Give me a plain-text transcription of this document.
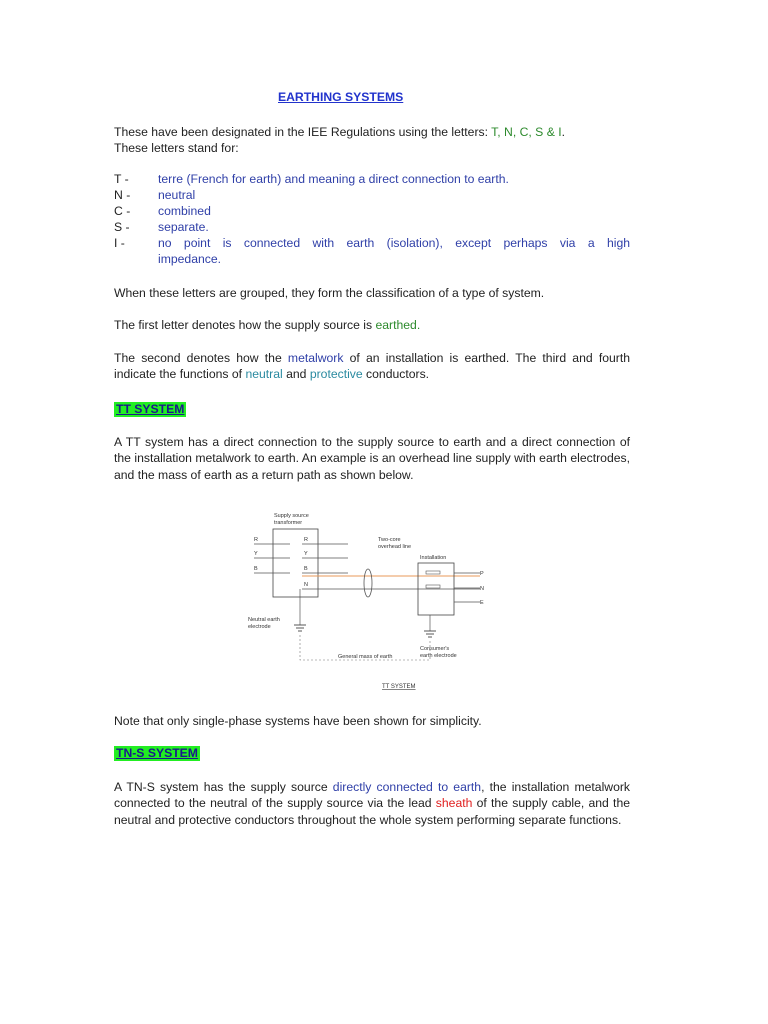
EARTHING SYSTEMS

These have been designated in the IEE Regulations using the letters: T, N, C, S & I.

These letters stand for:

T - terre (French for earth) and meaning a direct connection to earth.
N - neutral
C - combined
S - separate.
I -	no point is connected with earth (isolation), except perhaps via a high
impedance.

When these letters are grouped, they form the classification of a type of system.

The first letter denotes how the supply source is earthed.

The second denotes how the metalwork of an installation is earthed. The third and fourth indicate the functions of neutral and protective conductors.

TT SYSTEM

A TT system has a direct connection to the supply source to earth and a direct connection of the installation metalwork to earth. An example is an overhead line supply with earth electrodes, and the mass of earth as a return path as shown below.

Supply source
transformer
R
Y
B
R
Y
B
N
Two-core
overhead line
Installation
P
N
E
Neutral earth
electrode
Consumer's
earth electrode
General mass of earth
TT SYSTEM

Note that only single-phase systems have been shown for simplicity.

TN-S SYSTEM

A TN-S system has the supply source directly connected to earth, the installation metalwork connected to the neutral of the supply source via the lead sheath of the supply cable, and the neutral and protective conductors throughout the whole system performing separate functions.
